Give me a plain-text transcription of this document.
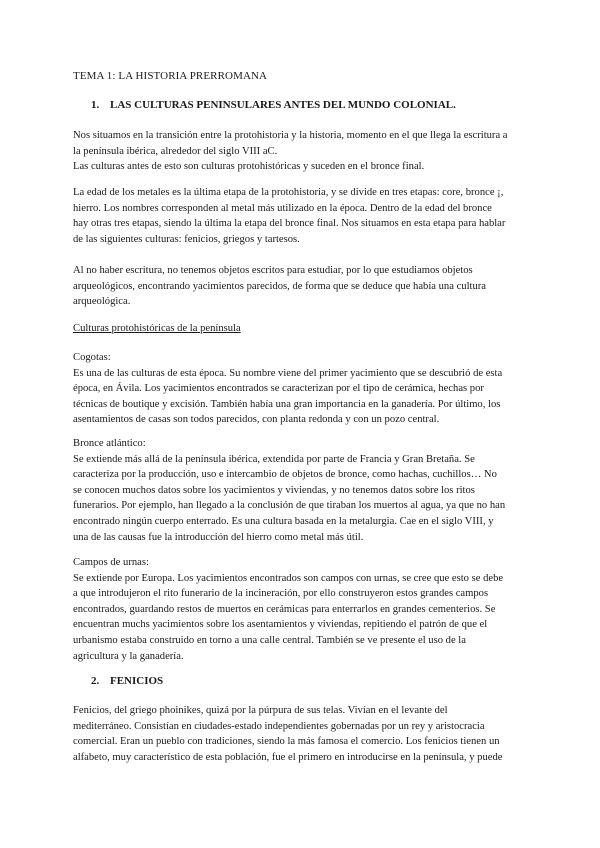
TEMA 1: LA HISTORIA PRERROMANA
1. LAS CULTURAS PENINSULARES ANTES DEL MUNDO COLONIAL.
Nos situamos en la transición entre la protohistoria y la historia, momento en el que llega la escritura a
la península ibérica, alrededor del siglo VIII aC.
Las culturas antes de esto son culturas protohistóricas y suceden en el bronce final.
La edad de los metales es la última etapa de la protohistoria, y se divide en tres etapas: core, bronce ¡,
hierro. Los nombres corresponden al metal más utilizado en la época. Dentro de la edad del bronce
hay otras tres etapas, siendo la última la etapa del bronce final. Nos situamos en esta etapa para hablar
de las siguientes culturas: fenicios, griegos y tartesos.
Al no haber escritura, no tenemos objetos escritos para estudiar, por lo que estudiamos objetos
arqueológicos, encontrando yacimientos parecidos, de forma que se deduce que había una cultura
arqueológica.
Culturas protohistóricas de la península
Cogotas:
Es una de las culturas de esta época. Su nombre viene del primer yacimiento que se descubrió de esta
época, en Ávila. Los yacimientos encontrados se caracterizan por el tipo de cerámica, hechas por
técnicas de boutique y excisión. También había una gran importancia en la ganadería. Por último, los
asentamientos de casas son todos parecidos, con planta redonda y con un pozo central.
Bronce atlántico:
Se extiende más allá de la península ibérica, extendida por parte de Francia y Gran Bretaña. Se
caracteriza por la producción, uso e intercambio de objetos de bronce, como hachas, cuchillos… No
se conocen muchos datos sobre los yacimientos y viviendas, y no tenemos datos sobre los ritos
funerarios. Por ejemplo, han llegado a la conclusión de que tiraban los muertos al agua, ya que no han
encontrado ningún cuerpo enterrado. Es una cultura basada en la metalurgia. Cae en el siglo VIII, y
una de las causas fue la introducción del hierro como metal más útil.
Campos de urnas:
Se extiende por Europa. Los yacimientos encontrados son campos con urnas, se cree que esto se debe
a que introdujeron el rito funerario de la incineración, por ello construyeron estos grandes campos
encontrados, guardando restos de muertos en cerámicas para enterrarlos en grandes cementerios. Se
encuentran muchs yacimientos sobre los asentamientos y viviendas, repitiendo el patrón de que el
urbanismo estaba construido en torno a una calle central. También se ve presente el uso de la
agricultura y la ganadería.
2. FENICIOS
Fenicios, del griego phoinikes, quizá por la púrpura de sus telas. Vivían en el levante del
mediterráneo. Consistían en ciudades-estado independientes gobernadas por un rey y aristocracia
comercial. Eran un pueblo con tradiciones, siendo la más famosa el comercio. Los fenicios tienen un
alfabeto, muy característico de esta población, fue el primero en introducirse en la península, y puede
